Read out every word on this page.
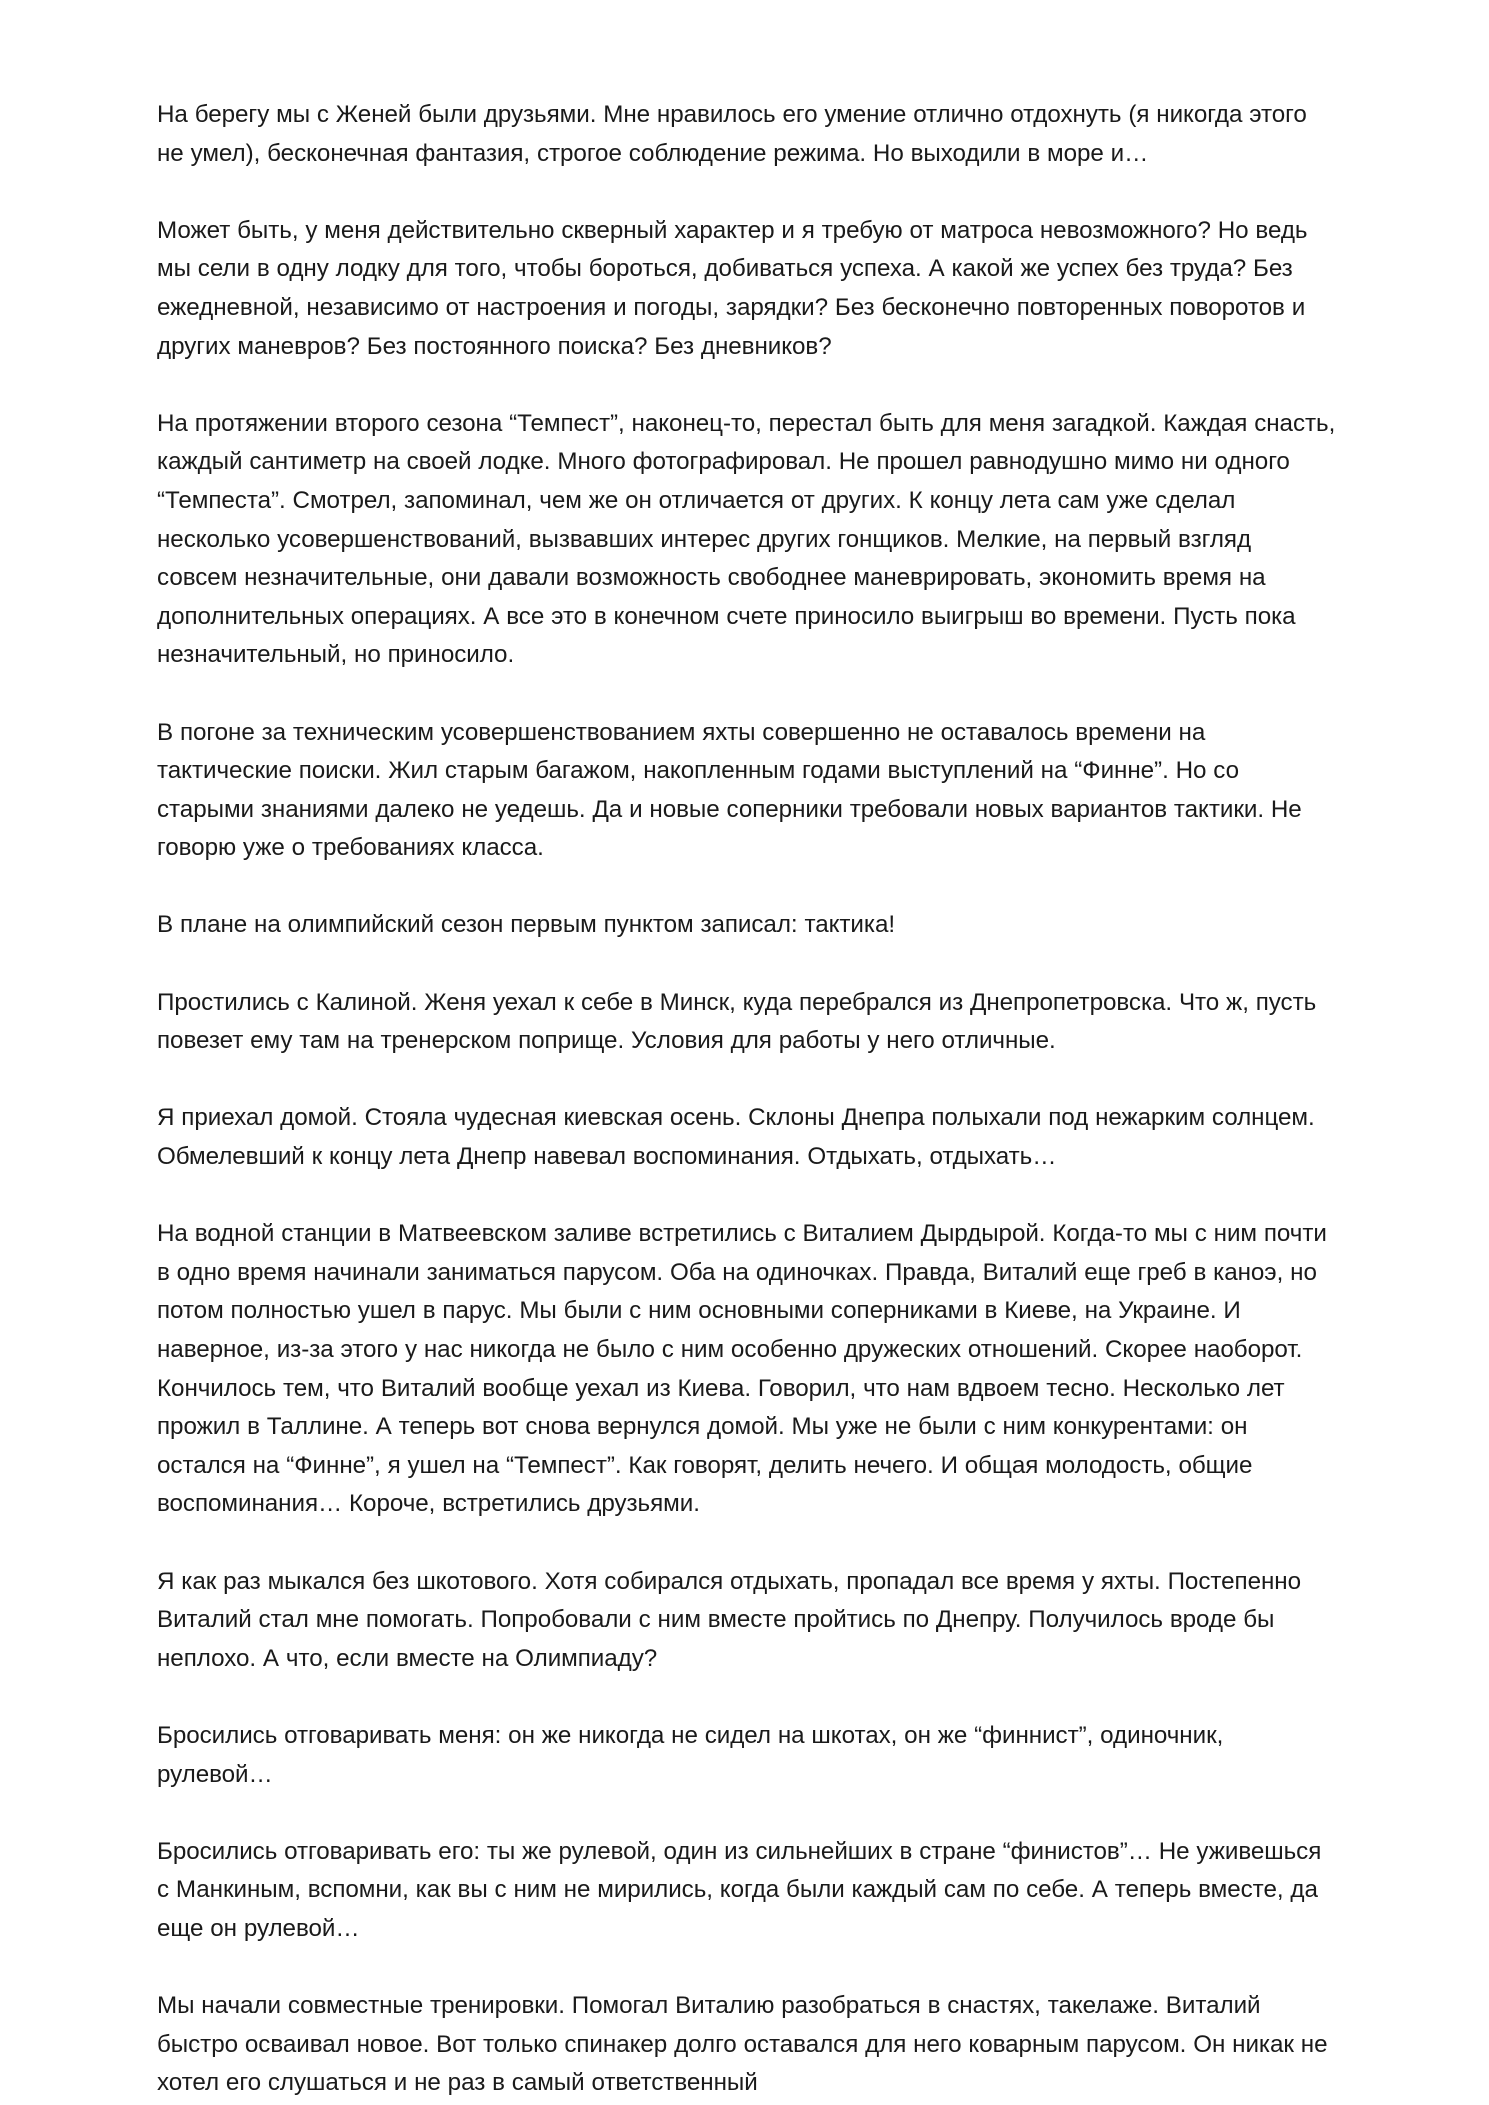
На берегу мы с Женей были друзьями. Мне нравилось его умение отлично отдохнуть (я никогда этого не умел), бесконечная фантазия, строгое соблюдение режима. Но выходили в море и…

Может быть, у меня действительно скверный характер и я требую от матроса невозможного? Но ведь мы сели в одну лодку для того, чтобы бороться, добиваться успеха. А какой же успех без труда? Без ежедневной, независимо от настроения и погоды, зарядки? Без бесконечно повторенных поворотов и других маневров? Без постоянного поиска? Без дневников?

На протяжении второго сезона “Темпест”, наконец-то, перестал быть для меня загадкой. Каждая снасть, каждый сантиметр на своей лодке. Много фотографировал. Не прошел равнодушно мимо ни одного “Темпеста”. Смотрел, запоминал, чем же он отличается от других. К концу лета сам уже сделал несколько усовершенствований, вызвавших интерес других гонщиков. Мелкие, на первый взгляд совсем незначительные, они давали возможность свободнее маневрировать, экономить время на дополнительных операциях. А все это в конечном счете приносило выигрыш во времени. Пусть пока незначительный, но приносило.

В погоне за техническим усовершенствованием яхты совершенно не оставалось времени на тактические поиски. Жил старым багажом, накопленным годами выступлений на “Финне”. Но со старыми знаниями далеко не уедешь. Да и новые соперники требовали новых вариантов тактики. Не говорю уже о требованиях класса.

В плане на олимпийский сезон первым пунктом записал: тактика!

Простились с Калиной. Женя уехал к себе в Минск, куда перебрался из Днепропетровска. Что ж, пусть повезет ему там на тренерском поприще. Условия для работы у него отличные.

Я приехал домой. Стояла чудесная киевская осень. Склоны Днепра полыхали под нежарким солнцем. Обмелевший к концу лета Днепр навевал воспоминания. Отдыхать, отдыхать…

На водной станции в Матвеевском заливе встретились с Виталием Дырдырой. Когда-то мы с ним почти в одно время начинали заниматься парусом. Оба на одиночках. Правда, Виталий еще греб в каноэ, но потом полностью ушел в парус. Мы были с ним основными соперниками в Киеве, на Украине. И наверное, из-за этого у нас никогда не было с ним особенно дружеских отношений. Скорее наоборот. Кончилось тем, что Виталий вообще уехал из Киева. Говорил, что нам вдвоем тесно. Несколько лет прожил в Таллине. А теперь вот снова вернулся домой. Мы уже не были с ним конкурентами: он остался на “Финне”, я ушел на “Темпест”. Как говорят, делить нечего. И общая молодость, общие воспоминания… Короче, встретились друзьями.

Я как раз мыкался без шкотового. Хотя собирался отдыхать, пропадал все время у яхты. Постепенно Виталий стал мне помогать. Попробовали с ним вместе пройтись по Днепру. Получилось вроде бы неплохо. А что, если вместе на Олимпиаду?

Бросились отговаривать меня: он же никогда не сидел на шкотах, он же “финнист”, одиночник, рулевой…

Бросились отговаривать его: ты же рулевой, один из сильнейших в стране “финистов”… Не уживешься с Манкиным, вспомни, как вы с ним не мирились, когда были каждый сам по себе. А теперь вместе, да еще он рулевой…

Мы начали совместные тренировки. Помогал Виталию разобраться в снастях, такелаже. Виталий быстро осваивал новое. Вот только спинакер долго оставался для него коварным парусом. Он никак не хотел его слушаться и не раз в самый ответственный
